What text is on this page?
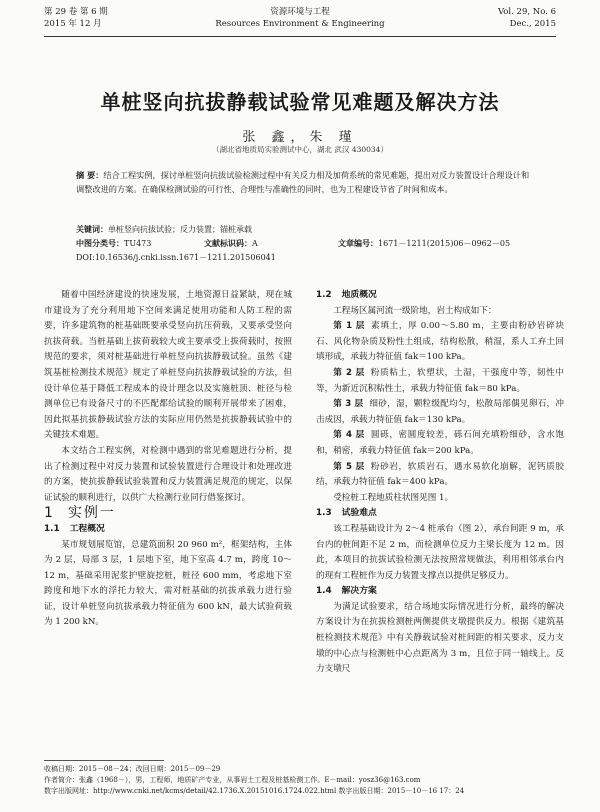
第 29 卷 第 6 期
2015 年 12 月
资源环境与工程
Resources Environment & Engineering
Vol. 29, No. 6
Dec., 2015
单桩竖向抗拔静载试验常见难题及解决方法
张 鑫，朱 瑾
（湖北省地质局实验测试中心，湖北 武汉 430034）
摘 要：结合工程实例，探讨单桩竖向抗拔试验检测过程中有关反力相及加荷系统的常见难题，提出对反力装置设计合理设计和调整改进的方案。在确保检测试验的可行性、合理性与准确性的同时，也为工程建设节省了时间和成本。
关键词：单桩竖向抗拔试验；反力装置；锚桩承载
中图分类号：TU473	文献标识码：A	文章编号：1671－1211(2015)06－0962－05
DOI:10.16536/j.cnki.issn.1671－1211.201506041

随着中国经济建设的快速发展，土地资源日益紧缺，现在城市建设为了充分利用地下空间来满足使用功能和人防工程的需要，许多建筑物的桩基础既要承受竖向抗压荷载，又要承受竖向抗拔荷载。当桩基础上拔荷载较大或主要承受上拔荷载时，按照规范的要求，须对桩基础进行单桩竖向抗拔静载试验。虽然《建筑基桩检测技术规范》规定了单桩竖向抗拔静载试验的方法，但设计单位基于降低工程成本的设计理念以及实施桩顶、桩径与检测单位已有设备尺寸的不匹配都给试验的顺利开展带来了困难，因此拟基抗拔静载试验方法的实际应用仍然是抗拔静载试验中的关键技术难题。

本文结合工程实例，对检测中遇到的常见难题进行分析，提出了检测过程中对反力装置和试验装置进行合理设计和处理改进的方案，使抗拔静载试验装置和反力装置满足规范的规定，以保证试验的顺利进行，以供广大检测行业同行借鉴探讨。

1 实例一

1.1 工程概况

某市规划展览馆，总建筑面积 20 960 m²，框架结构，主体为 2 层，局部 3 层，1 层地下室，地下室高 4.7 m，跨度 10～12 m，基础采用泥浆护壁旋挖桩，桩径 600 mm，考虑地下室跨度和地下水的浮托力较大，需对桩基础的抗拔承载力进行验证，设计单桩竖向抗拔承载力特征值为 600 kN，最大试验荷载为 1 200 kN。

1.2 地质概况

工程场区属河流一级阶地，岩土构成如下：

第 1 层 素填土，厚 0.00～5.80 m，主要由粉砂岩碎块石、风化物杂质及粉性土组成，结构松散，稍湿，系人工弃土回填形成，承载力特征值 fak＝100 kPa。

第 2 层 粉质粘土，软塑状，土湿，干强度中等，韧性中等，为新近沉积粘性土，承载力特征值 fak＝80 kPa。

第 3 层 细砂，湿，颗粒级配均匀，松散局部偶见卵石，冲击成因，承载力特征值 fak＝130 kPa。

第 4 层 圆砾，密圆度较差，砾石间充填粉细砂，含水饱和，稍密，承载力特征值 fak＝200 kPa。

第 5 层 粉砂岩，软质岩石，遇水易软化崩解，泥钙质胶结，承载力特征值 fak＝400 kPa。

受检桩工程地质柱状图见图 1。

1.3 试验难点

该工程基础设计为 2～4 桩承台（图 2），承台间距 9 m，承台内的桩间距不足 2 m，而检测单位反力主梁长度为 12 m。因此，本项目的抗拔试验检测无法按照常规做法，利用相邻承台内的现有工程桩作为反力装置支撑点以提供足够反力。

1.4 解决方案

为满足试验要求，结合场地实际情况进行分析，最终的解决方案设计为在抗拔检测桩两侧提供支墩提供反力。根据《建筑基桩检测技术规范》中有关静载试验对桩间距的相关要求，反力支墩的中心点与检测桩中心点距离为 3 m，且位于同一轴线上。反力支墩尺

收稿日期：2015－08－24；改回日期：2015－09－29
作者简介：张鑫（1968－），男，工程师，地质矿产专业，从事岩土工程及桩基检测工作。E－mail：yosz36@163.com
数字出版网址：http://www.cnki.net/kcms/detail/42.1736.X.20151016.1724.022.html 数字出版日期：2015－10－16 17：24
